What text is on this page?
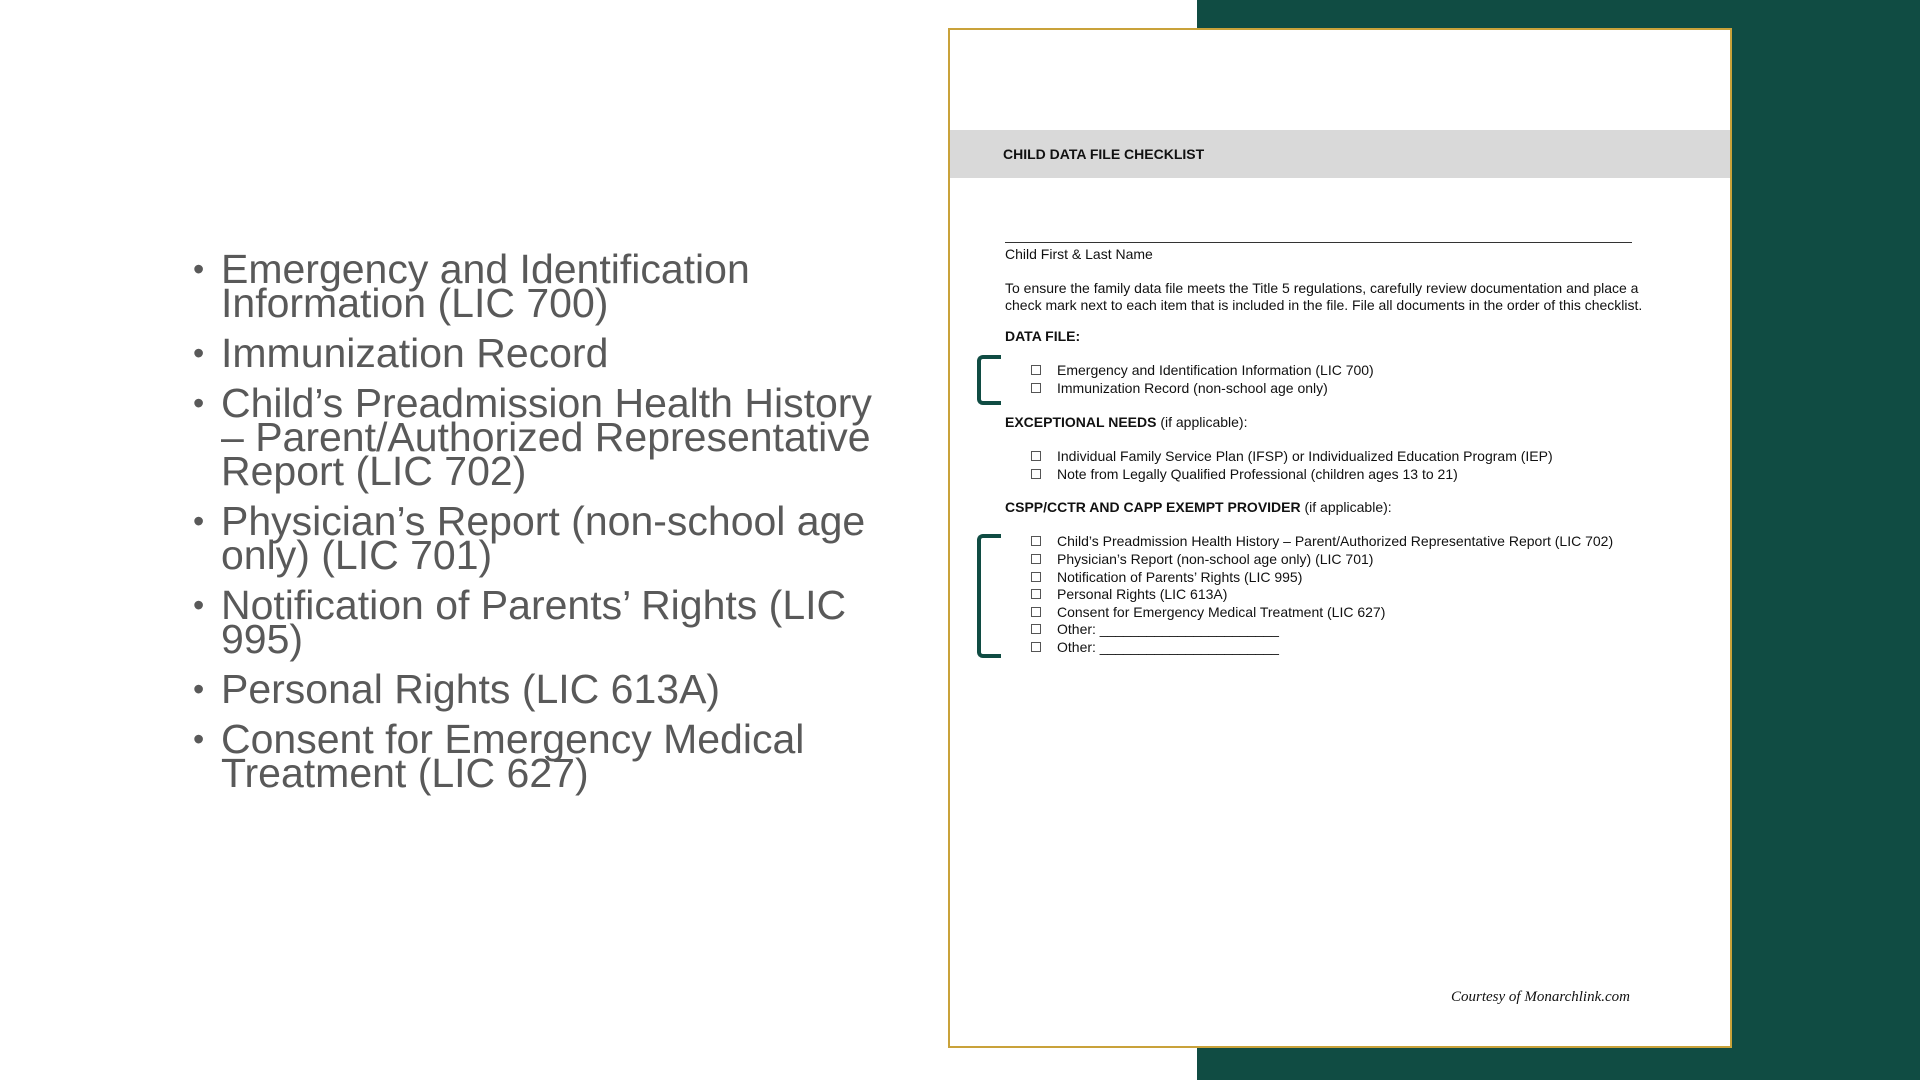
• Emergency and Identification Information (LIC 700)
• Immunization Record
• Child’s Preadmission Health History – Parent/Authorized Representative Report (LIC 702)
• Physician’s Report (non-school age only) (LIC 701)
• Notification of Parents’ Rights (LIC 995)
• Personal Rights (LIC 613A)
• Consent for Emergency Medical Treatment (LIC 627)
CHILD DATA FILE CHECKLIST
Child First & Last Name
To ensure the family data file meets the Title 5 regulations, carefully review documentation and place a
check mark next to each item that is included in the file. File all documents in the order of this checklist.
DATA FILE:
Emergency and Identification Information (LIC 700)
Immunization Record (non-school age only)
EXCEPTIONAL NEEDS (if applicable):
Individual Family Service Plan (IFSP) or Individualized Education Program (IEP)
Note from Legally Qualified Professional (children ages 13 to 21)
CSPP/CCTR AND CAPP EXEMPT PROVIDER (if applicable):
Child’s Preadmission Health History – Parent/Authorized Representative Report (LIC 702)
Physician’s Report (non-school age only) (LIC 701)
Notification of Parents’ Rights (LIC 995)
Personal Rights (LIC 613A)
Consent for Emergency Medical Treatment (LIC 627)
Other: _______________________
Other: _______________________
Courtesy of Monarchlink.com
